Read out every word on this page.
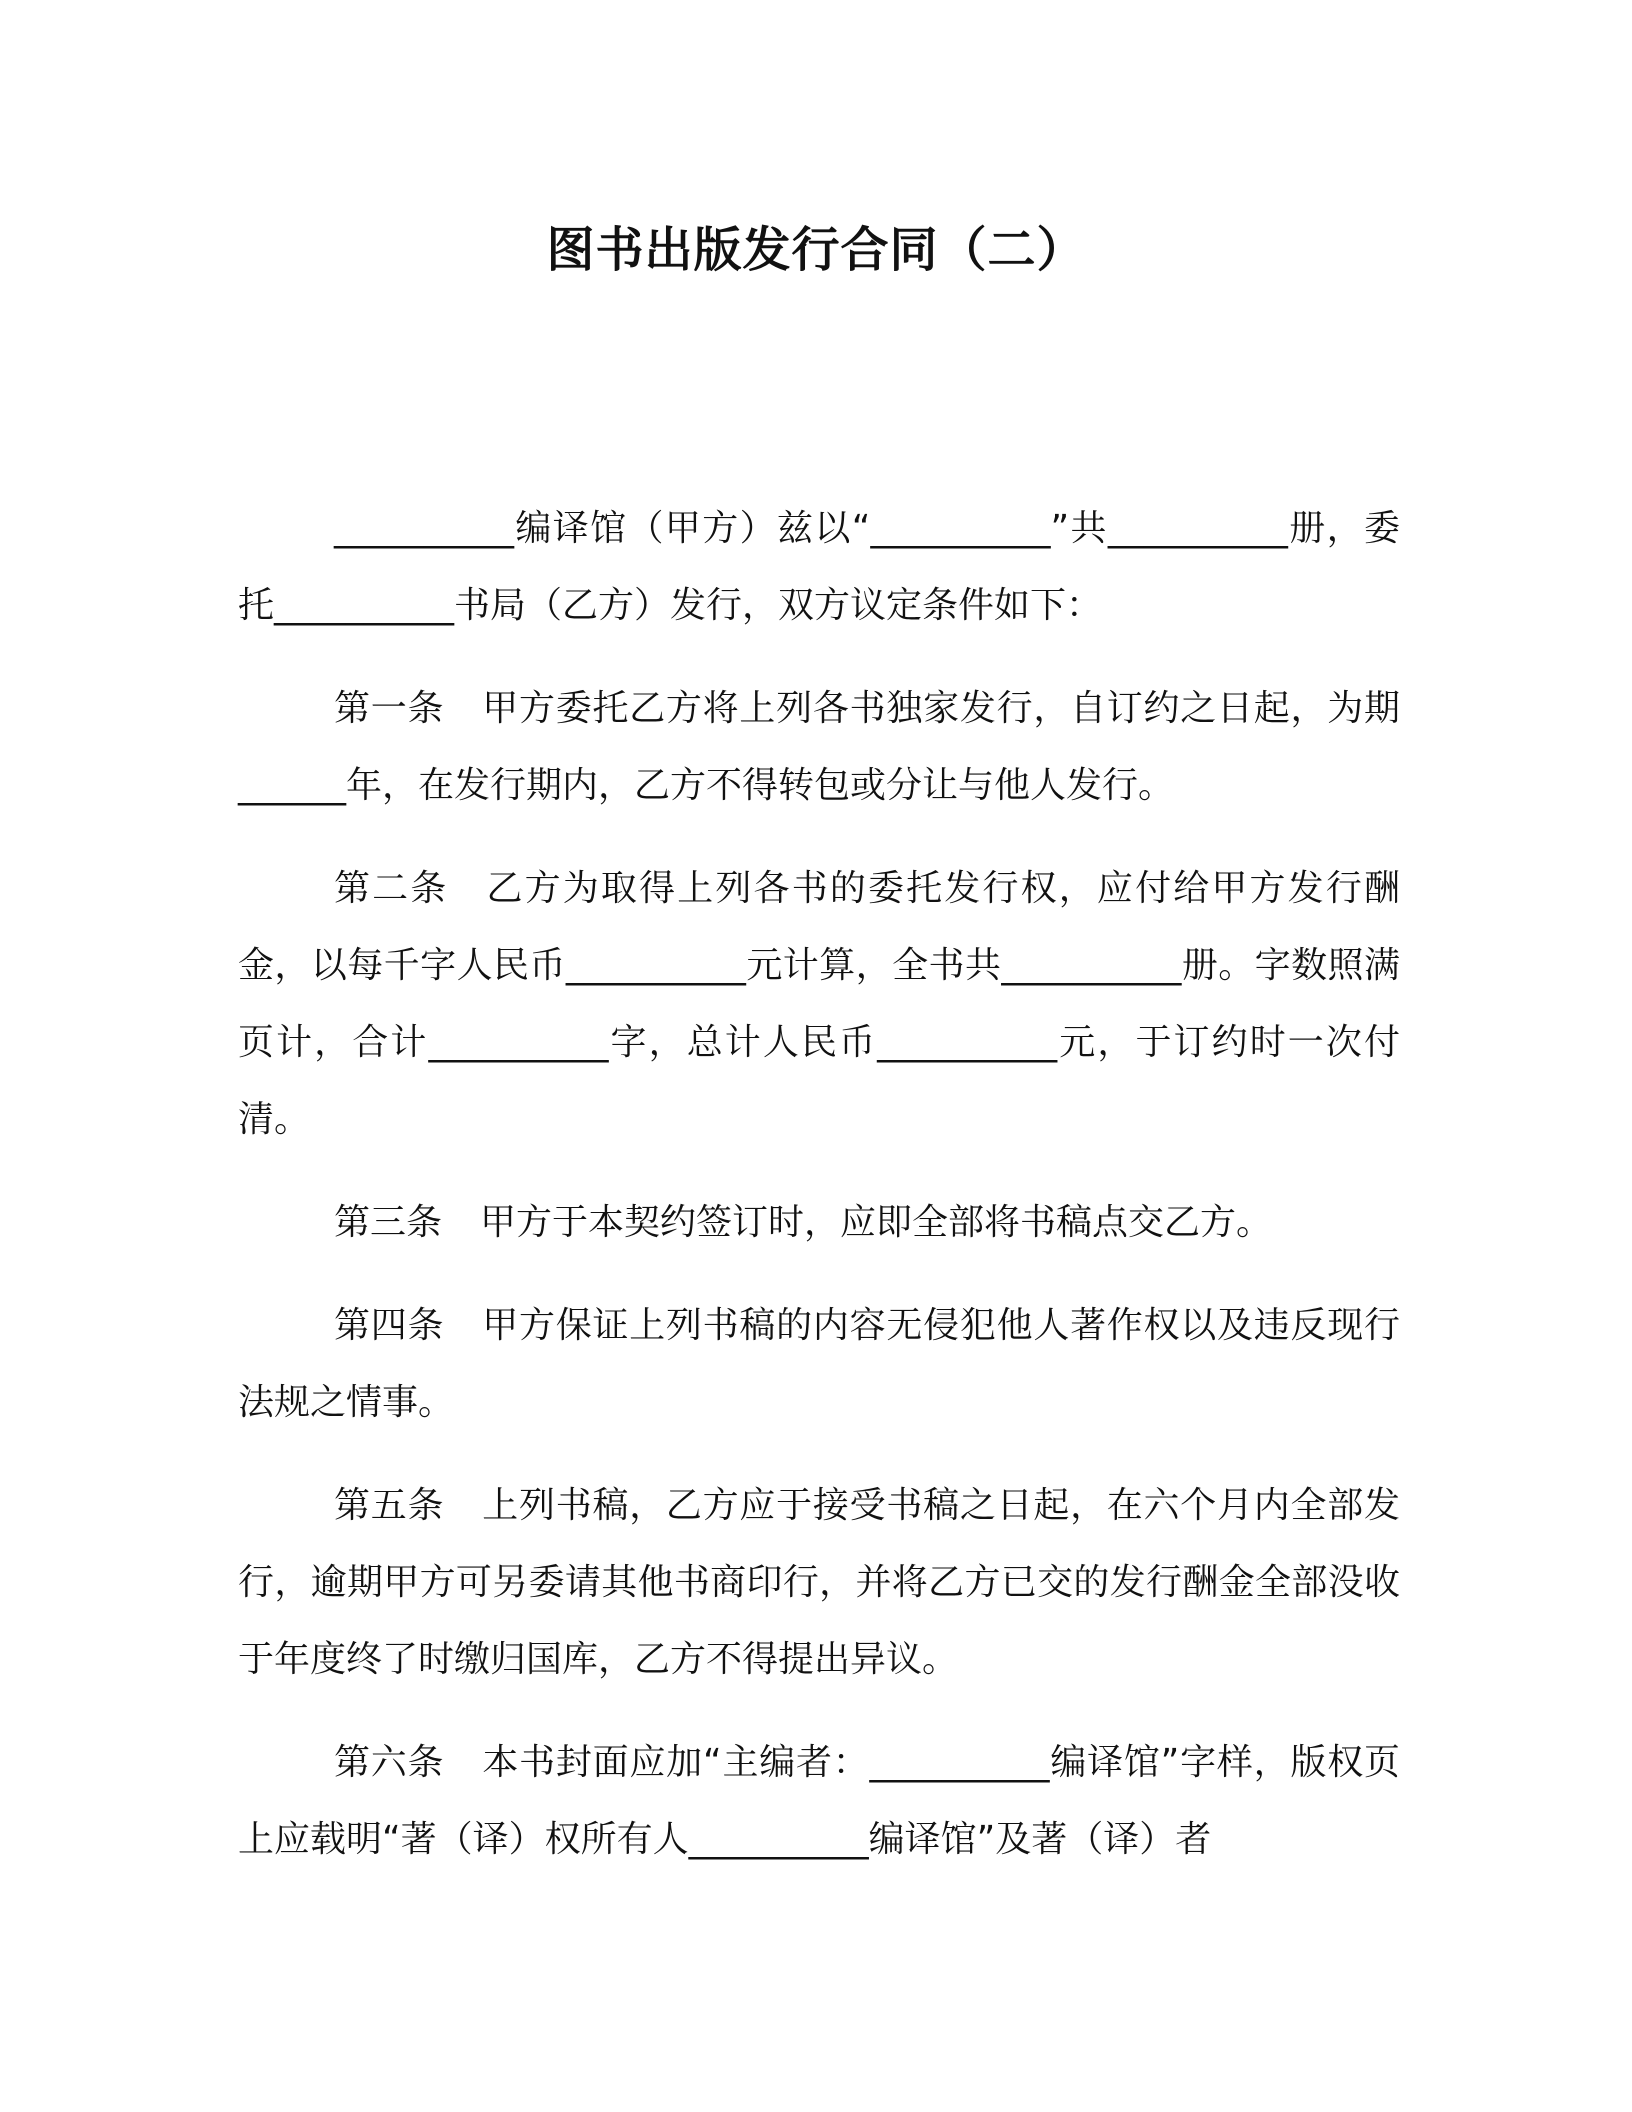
图书出版发行合同（二）

__________编译馆（甲方）兹以“__________”共__________册，委托__________书局（乙方）发行，双方议定条件如下：

第一条 甲方委托乙方将上列各书独家发行，自订约之日起，为期______年，在发行期内，乙方不得转包或分让与他人发行。

第二条 乙方为取得上列各书的委托发行权，应付给甲方发行酬金，以每千字人民币__________元计算，全书共__________册。字数照满页计，合计__________字，总计人民币__________元，于订约时一次付清。

第三条 甲方于本契约签订时，应即全部将书稿点交乙方。

第四条 甲方保证上列书稿的内容无侵犯他人著作权以及违反现行法规之情事。

第五条 上列书稿，乙方应于接受书稿之日起，在六个月内全部发行，逾期甲方可另委请其他书商印行，并将乙方已交的发行酬金全部没收于年度终了时缴归国库，乙方不得提出异议。

第六条 本书封面应加“主编者：__________编译馆”字样，版权页上应载明“著（译）权所有人__________编译馆”及著（译）者
